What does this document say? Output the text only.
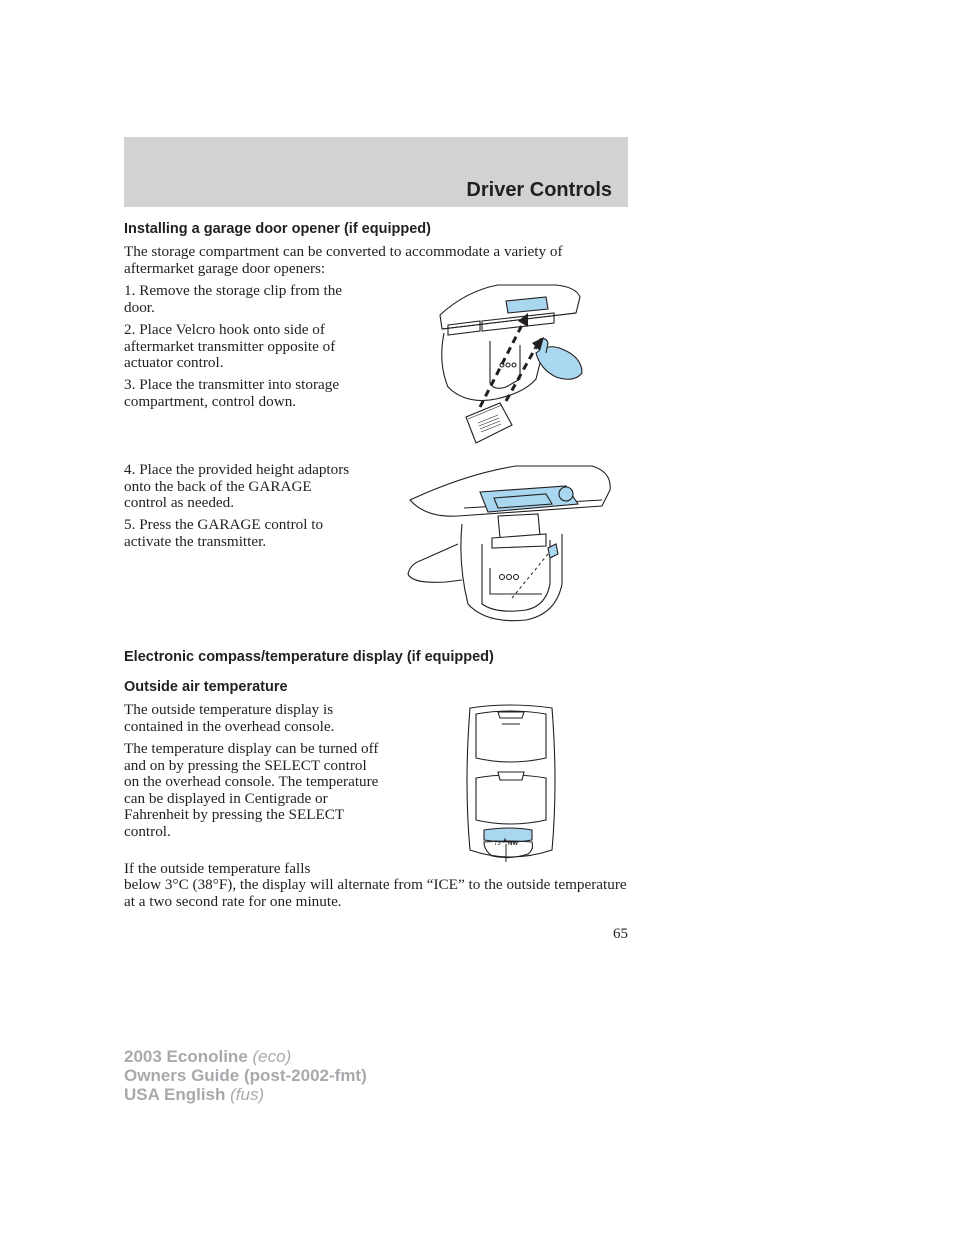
Driver Controls
Installing a garage door opener (if equipped)
The storage compartment can be converted to accommodate a variety of aftermarket garage door openers:
1. Remove the storage clip from the door.
2. Place Velcro hook onto side of aftermarket transmitter opposite of actuator control.
3. Place the transmitter into storage compartment, control down.
4. Place the provided height adaptors onto the back of the GARAGE control as needed.
5. Press the GARAGE control to activate the transmitter.
Electronic compass/temperature display (if equipped)
Outside air temperature
The outside temperature display is contained in the overhead console.
The temperature display can be turned off and on by pressing the SELECT control on the overhead console. The temperature can be displayed in Centigrade or Fahrenheit by pressing the SELECT control.
If the outside temperature falls
below 3°C (38°F), the display will alternate from “ICE” to the outside temperature at a two second rate for one minute.
73 NW
65
2003 Econoline (eco)
Owners Guide (post-2002-fmt)
USA English (fus)
